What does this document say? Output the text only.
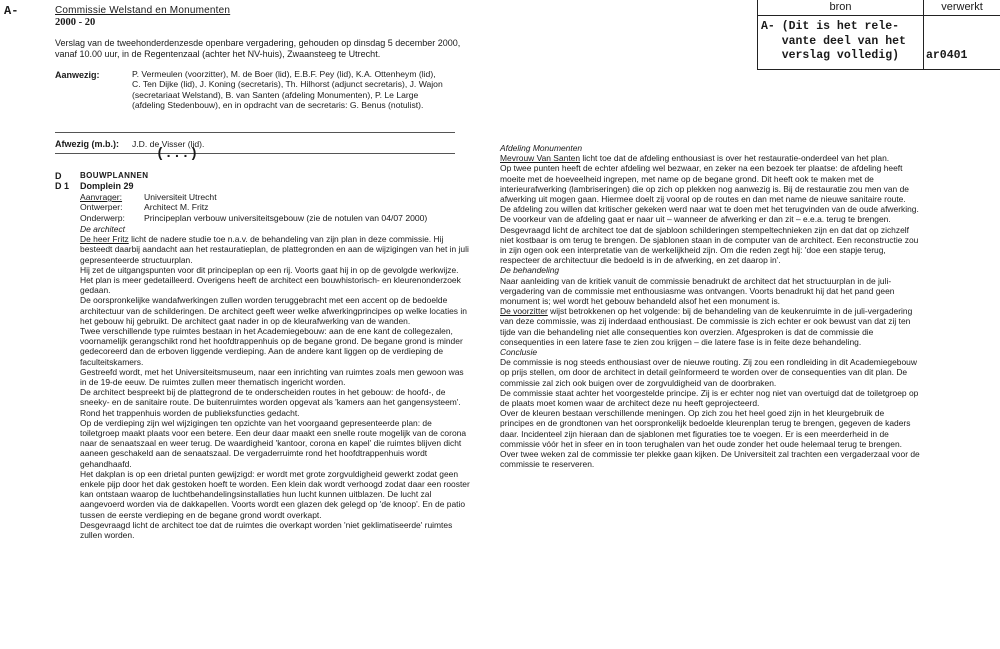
A-	Commissie Welstand en Monumenten
2000 - 20
bron	verwerkt
A- (Dit is het rele-
vante deel van het
verslag volledig)	ar0401
Verslag van de tweehonderdenzesde openbare vergadering, gehouden op dinsdag 5 december 2000, vanaf 10.00 uur, in de Regentenzaal (achter het NV-huis), Zwaansteeg te Utrecht.
Aanwezig:	P. Vermeulen (voorzitter), M. de Boer (lid), E.B.F. Pey (lid), K.A. Ottenheym (lid),
C. Ten Dijke (lid), J. Koning (secretaris), Th. Hilhorst (adjunct secretaris), J. Wajon
(secretariaat Welstand), B. van Santen (afdeling Monumenten), P. Le Large
(afdeling Stedenbouw), en in opdracht van de secretaris: G. Benus (notulist).
Afwezig (m.b.): J.D. de Visser (lid).
(...)
D BOUWPLANNEN
D 1 Domplein 29
Aanvrager:	Universiteit Utrecht
Ontwerper:	Architect M. Fritz
Onderwerp:	Principeplan verbouw universiteitsgebouw (zie de notulen van 04/07 2000)

De architect

De heer Fritz licht de nadere studie toe n.a.v. de behandeling van zijn plan in deze commissie. Hij besteedt daarbij aandacht aan het restauratieplan, de plattegronden en aan de wijzigingen van het in juli gepresenteerde structuurplan.

Hij zet de uitgangspunten voor dit principeplan op een rij. Voorts gaat hij in op de gevolgde werkwijze. Het plan is meer gedetailleerd. Overigens heeft de architect een bouwhistorisch- en kleurenonderzoek gedaan.

De oorspronkelijke wandafwerkingen zullen worden teruggebracht met een accent op de bedoelde architectuur van de schilderingen. De architect geeft weer welke afwerkingprincipes op welke locaties in het gebouw hij gebruikt. De architect gaat nader in op de kleurafwerking van de wanden.

Twee verschillende type ruimtes bestaan in het Academiegebouw: aan de ene kant de collegezalen, voornamelijk gerangschikt rond het hoofdtrappenhuis op de begane grond. De begane grond is minder gedecoreerd dan de erboven liggende verdieping. Aan de andere kant liggen op de verdieping de faculteitskamers.

Gestreefd wordt, met het Universiteitsmuseum, naar een inrichting van ruimtes zoals men gewoon was in de 19-de eeuw. De ruimtes zullen meer thematisch ingericht worden.

De architect bespreekt bij de plattegrond de te onderscheiden routes in het gebouw: de hoofd-, de sneeky- en de sanitaire route. De buitenruimtes worden opgevat als 'kamers aan het gangensysteem'. Rond het trappenhuis worden de publieksfuncties gedacht.

Op de verdieping zijn wel wijzigingen ten opzichte van het voorgaand gepresenteerde plan: de toiletgroep maakt plaats voor een betere. Een deur daar maakt een snelle route mogelijk van de corona naar de senaatszaal en weer terug. De waardigheid 'kantoor, corona en kapel' die ruimtes blijven dicht aaneen geschakeld aan de senaatszaal. De vergaderruimte rond het hoofdtrappenhuis wordt gehandhaafd.

Het dakplan is op een drietal punten gewijzigd: er wordt met grote zorgvuldigheid gewerkt zodat geen enkele pijp door het dak gestoken hoeft te worden. Een klein dak wordt verhoogd zodat daar een rooster kan ontstaan waarop de luchtbehandelingsinstallaties hun lucht kunnen uitblazen. De lucht zal aangevoerd worden via de dakkapellen. Voorts wordt een glazen dek gelegd op 'de knoop'. En de patio tussen de eerste verdieping en de begane grond wordt overkapt.

Desgevraagd licht de architect toe dat de ruimtes die overkapt worden 'niet geklimatiseerde' ruimtes zullen worden.

Afdeling Monumenten

Mevrouw Van Santen licht toe dat de afdeling enthousiast is over het restauratie-onderdeel van het plan.

Op twee punten heeft de echter afdeling wel bezwaar, en zeker na een bezoek ter plaatse: de afdeling heeft moeite met de hoeveelheid ingrepen, met name op de begane grond. Dit heeft ook te maken met de interieurafwerking (lambriseringen) die op zich op plekken nog aanwezig is. Bij de restauratie zou men van de afwerking uit mogen gaan. Hiermee doelt zij vooral op de routes en dan met name de nieuwe sanitaire route.

De afdeling zou willen dat kritischer gekeken werd naar wat te doen met het terugvinden van de oude afwerking. De voorkeur van de afdeling gaat er naar uit – wanneer de afwerking er dan zit – e.e.a. terug te brengen. Desgevraagd licht de architect toe dat de sjabloon schilderingen stempeltechnieken zijn en dat dat op zichzelf niet kostbaar is om terug te brengen. De sjablonen staan in de computer van de architect. Een reconstructie zou in zijn ogen ook een interpretatie van de werkelijkheid zijn. Om die reden zegt hij: 'doe een stapje terug, respecteer de architectuur die bedoeld is in de afwerking, en zet daarop in'.

De behandeling

Naar aanleiding van de kritiek vanuit de commissie benadrukt de architect dat het structuurplan in de juli-vergadering van de commissie met enthousiasme was ontvangen. Voorts benadrukt hij dat het pand geen monument is; wel wordt het gebouw behandeld alsof het een monument is.

De voorzitter wijst betrokkenen op het volgende: bij de behandeling van de keukenruimte in de juli-vergadering van deze commissie, was zij inderdaad enthousiast. De commissie is zich echter er ook bewust van dat zij ten tijde van die behandeling niet alle consequenties kon overzien. Afgesproken is dat de commissie die consequenties in een latere fase te zien zou krijgen – die latere fase is in feite deze behandeling.

Conclusie

De commissie is nog steeds enthousiast over de nieuwe routing. Zij zou een rondleiding in dit Academiegebouw op prijs stellen, om door de architect in detail geïnformeerd te worden over de consequenties van dit plan. De commissie zal zich ook buigen over de zorgvuldigheid van de doorbraken.

De commissie staat achter het voorgestelde principe. Zij is er echter nog niet van overtuigd dat de toiletgroep op de plaats moet komen waar de architect deze nu heeft geprojecteerd.

Over de kleuren bestaan verschillende meningen. Op zich zou het heel goed zijn in het kleurgebruik de principes en de grondtonen van het oorspronkelijk bedoelde kleurenplan terug te brengen, gegeven de kaders daar. Incidenteel zijn hieraan dan de sjablonen met figuraties toe te voegen. Er is een meerderheid in de commissie vóór het in sfeer en in toon terughalen van het oude zonder het oude helemaal terug te brengen.

Over twee weken zal de commissie ter plekke gaan kijken. De Universiteit zal trachten een vergaderzaal voor de commissie te reserveren.
